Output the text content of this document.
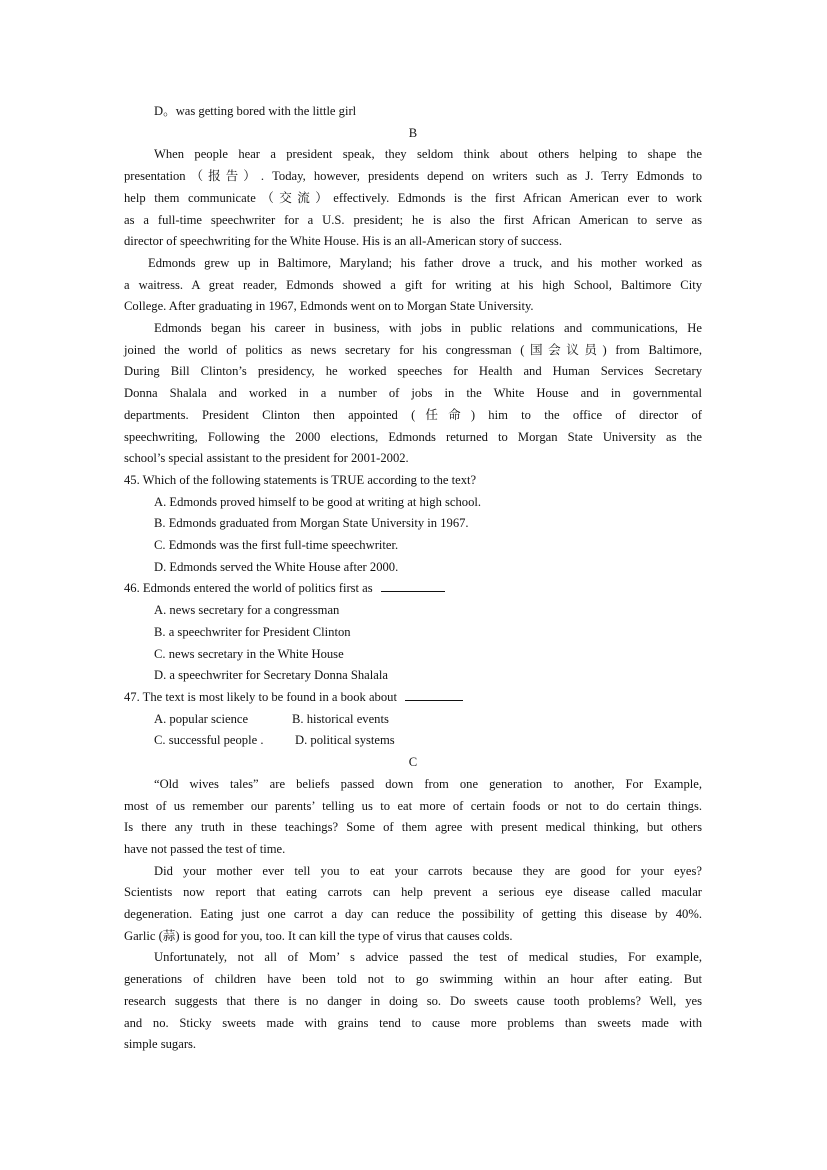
D。was getting bored with the little girl
B
When people hear a president speak, they seldom think about others helping to shape the
presentation（报告）. Today, however, presidents depend on writers such as J. Terry Edmonds to
help them communicate（交流）effectively. Edmonds is the first African American ever to work
as a full-time speechwriter for a U.S. president; he is also the first African American to serve as
director of speechwriting for the White House. His is an all-American story of success.
Edmonds grew up in Baltimore, Maryland; his father drove a truck, and his mother worked as
a waitress. A great reader, Edmonds showed a gift for writing at his high School, Baltimore City
College. After graduating in 1967, Edmonds went on to Morgan State University.
Edmonds began his career in business, with jobs in public relations and communications, He
joined the world of politics as news secretary for his congressman (国会议员) from Baltimore,
During Bill Clinton’s presidency, he worked speeches for Health and Human Services Secretary
Donna Shalala and worked in a number of jobs in the White House and in governmental
departments. President Clinton then appointed (任命) him to the office of director of
speechwriting, Following the 2000 elections, Edmonds returned to Morgan State University as the
school’s special assistant to the president for 2001-2002.
45. Which of the following statements is TRUE according to the text?
A. Edmonds proved himself to be good at writing at high school.
B. Edmonds graduated from Morgan State University in 1967.
C. Edmonds was the first full-time speechwriter.
D. Edmonds served the White House after 2000.
46. Edmonds entered the world of politics first as
A. news secretary for a congressman
B. a speechwriter for President Clinton
C. news secretary in the White House
D. a speechwriter for Secretary Donna Shalala
47. The text is most likely to be found in a book about
A. popular science	B. historical events
C. successful people .	D. political systems
C
“Old wives tales” are beliefs passed down from one generation to another, For Example,
most of us remember our parents’ telling us to eat more of certain foods or not to do certain things.
Is there any truth in these teachings? Some of them agree with present medical thinking, but others
have not passed the test of time.
Did your mother ever tell you to eat your carrots because they are good for your eyes?
Scientists now report that eating carrots can help prevent a serious eye disease called macular
degeneration. Eating just one carrot a day can reduce the possibility of getting this disease by 40%.
Garlic (蒜) is good for you, too. It can kill the type of virus that causes colds.
Unfortunately, not all of Mom’ s advice passed the test of medical studies, For example,
generations of children have been told not to go swimming within an hour after eating. But
research suggests that there is no danger in doing so. Do sweets cause tooth problems? Well, yes
and no. Sticky sweets made with grains tend to cause more problems than sweets made with
simple sugars.
